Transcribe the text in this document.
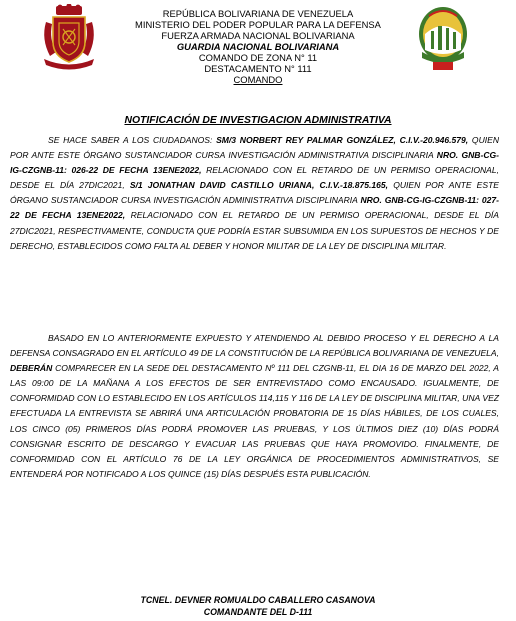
REPÚBLICA BOLIVARIANA DE VENEZUELA
MINISTERIO DEL PODER POPULAR PARA LA DEFENSA
FUERZA ARMADA NACIONAL BOLIVARIANA
GUARDIA NACIONAL BOLIVARIANA
COMANDO DE ZONA N° 11
DESTACAMENTO N° 111
COMANDO
NOTIFICACIÓN DE INVESTIGACION ADMINISTRATIVA

SE HACE SABER A LOS CIUDADANOS: SM/3 NORBERT REY PALMAR GONZÁLEZ, C.I.V.-20.946.579, QUIEN POR ANTE ESTE ÓRGANO SUSTANCIADOR CURSA INVESTIGACIÓN ADMINISTRATIVA DISCIPLINARIA NRO. GNB-CG-IG-CZGNB-11: 026-22 DE FECHA 13ENE2022, RELACIONADO CON EL RETARDO DE UN PERMISO OPERACIONAL, DESDE EL DÍA 27DIC2021, S/1 JONATHAN DAVID CASTILLO URIANA, C.I.V.-18.875.165, QUIEN POR ANTE ESTE ÓRGANO SUSTANCIADOR CURSA INVESTIGACIÓN ADMINISTRATIVA DISCIPLINARIA NRO. GNB-CG-IG-CZGNB-11: 027-22 DE FECHA 13ENE2022, RELACIONADO CON EL RETARDO DE UN PERMISO OPERACIONAL, DESDE EL DÍA 27DIC2021, RESPECTIVAMENTE, CONDUCTA QUE PODRÍA ESTAR SUBSUMIDA EN LOS SUPUESTOS DE HECHOS Y DE DERECHO, ESTABLECIDOS COMO FALTA AL DEBER Y HONOR MILITAR DE LA LEY DE DISCIPLINA MILITAR.

BASADO EN LO ANTERIORMENTE EXPUESTO Y ATENDIENDO AL DEBIDO PROCESO Y EL DERECHO A LA DEFENSA CONSAGRADO EN EL ARTÍCULO 49 DE LA CONSTITUCIÓN DE LA REPÚBLICA BOLIVARIANA DE VENEZUELA, DEBERÁN COMPARECER EN LA SEDE DEL DESTACAMENTO Nº 111 DEL CZGNB-11, EL DIA 16 DE MARZO DEL 2022, A LAS 09:00 DE LA MAÑANA A LOS EFECTOS DE SER ENTREVISTADO COMO ENCAUSADO. IGUALMENTE, DE CONFORMIDAD CON LO ESTABLECIDO EN LOS ARTÍCULOS 114,115 Y 116 DE LA LEY DE DISCIPLINA MILITAR, UNA VEZ EFECTUADA LA ENTREVISTA SE ABRIRÁ UNA ARTICULACIÓN PROBATORIA DE 15 DÍAS HÁBILES, DE LOS CUALES, LOS CINCO (05) PRIMEROS DÍAS PODRÁ PROMOVER LAS PRUEBAS, Y LOS ÚLTIMOS DIEZ (10) DÍAS PODRÁ CONSIGNAR ESCRITO DE DESCARGO Y EVACUAR LAS PRUEBAS QUE HAYA PROMOVIDO. FINALMENTE, DE CONFORMIDAD CON EL ARTÍCULO 76 DE LA LEY ORGÁNICA DE PROCEDIMIENTOS ADMINISTRATIVOS, SE ENTENDERÁ POR NOTIFICADO A LOS QUINCE (15) DÍAS DESPUÉS ESTA PUBLICACIÓN.

TCNEL. DEVNER ROMUALDO CABALLERO CASANOVA
COMANDANTE DEL D-111
